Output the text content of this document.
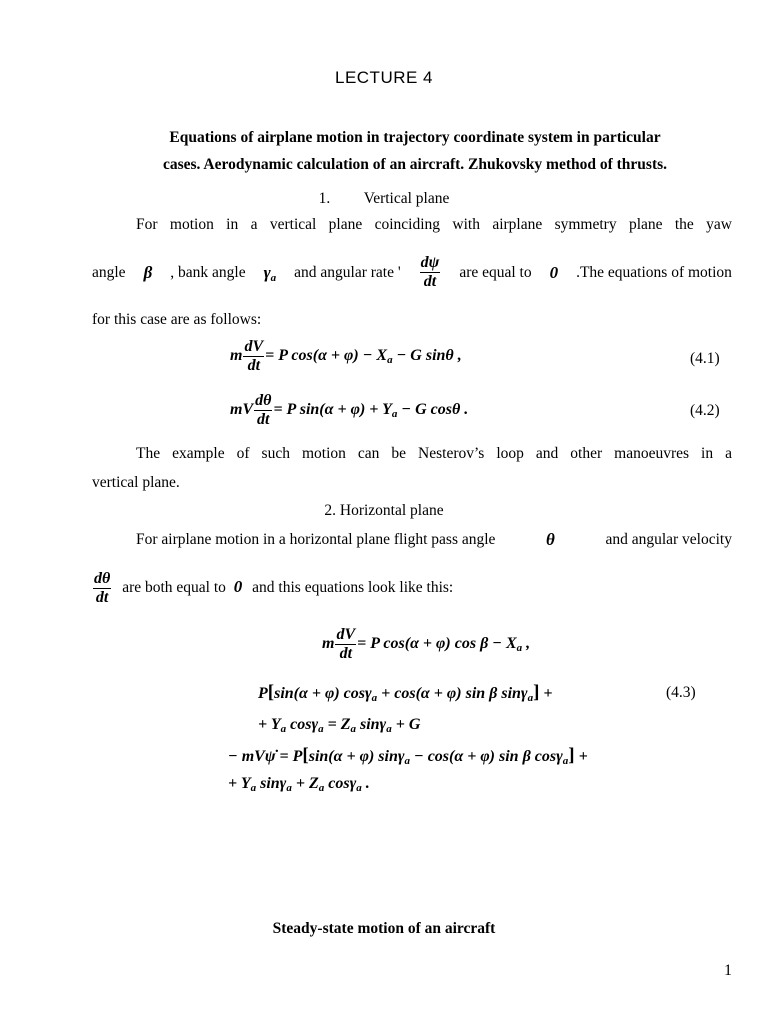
LECTURE 4
Equations of airplane motion in trajectory coordinate system in particular
cases. Aerodynamic calculation of an aircraft. Zhukovsky method of thrusts.
1. Vertical plane
For motion in a vertical plane coinciding with airplane symmetry plane the yaw
angle β , bank angle $\gamma_a$ and angular rate ' $\frac{d\psi}{dt}$ are equal to 0 .The equations of motion
for this case are as follows:
m $\frac{dV}{dt} = P$ $\cos(\alpha + \varphi) - X_a - G$ sinθ ,	(4.1)
mV $\frac{d\theta}{dt} = P$ $\sin(\alpha + \varphi) + Y_a - G$ cosθ .	(4.2)
The example of such motion can be Nesterov’s loop and other manoeuvres in a
vertical plane.
2. Horizontal plane
For airplane motion in a horizontal plane flight pass angle	θ	and angular velocity
$\frac{d\theta}{dt}$ are both equal to 0 and this equations look like this:
m $\frac{dV}{dt} = P$ cos(α + φ) $\cos \beta - X_a$ ,
P[sin(α + φ) cosγ$_a$ + cos(α + φ) sin β sinγ$_a$] +	(4.3)
+ $Y_a$ $\cos\gamma_a = Z_a$ sinγ$_a$ + G
− mVψ̇ = P[sin(α + φ) sinγ$_a$ − cos(α + φ) sin β cosγ$_a$] +
+ $Y_a$ $\sin\gamma_a + Z_a$ cosγ$_a$ .
Steady-state motion of an aircraft
1
